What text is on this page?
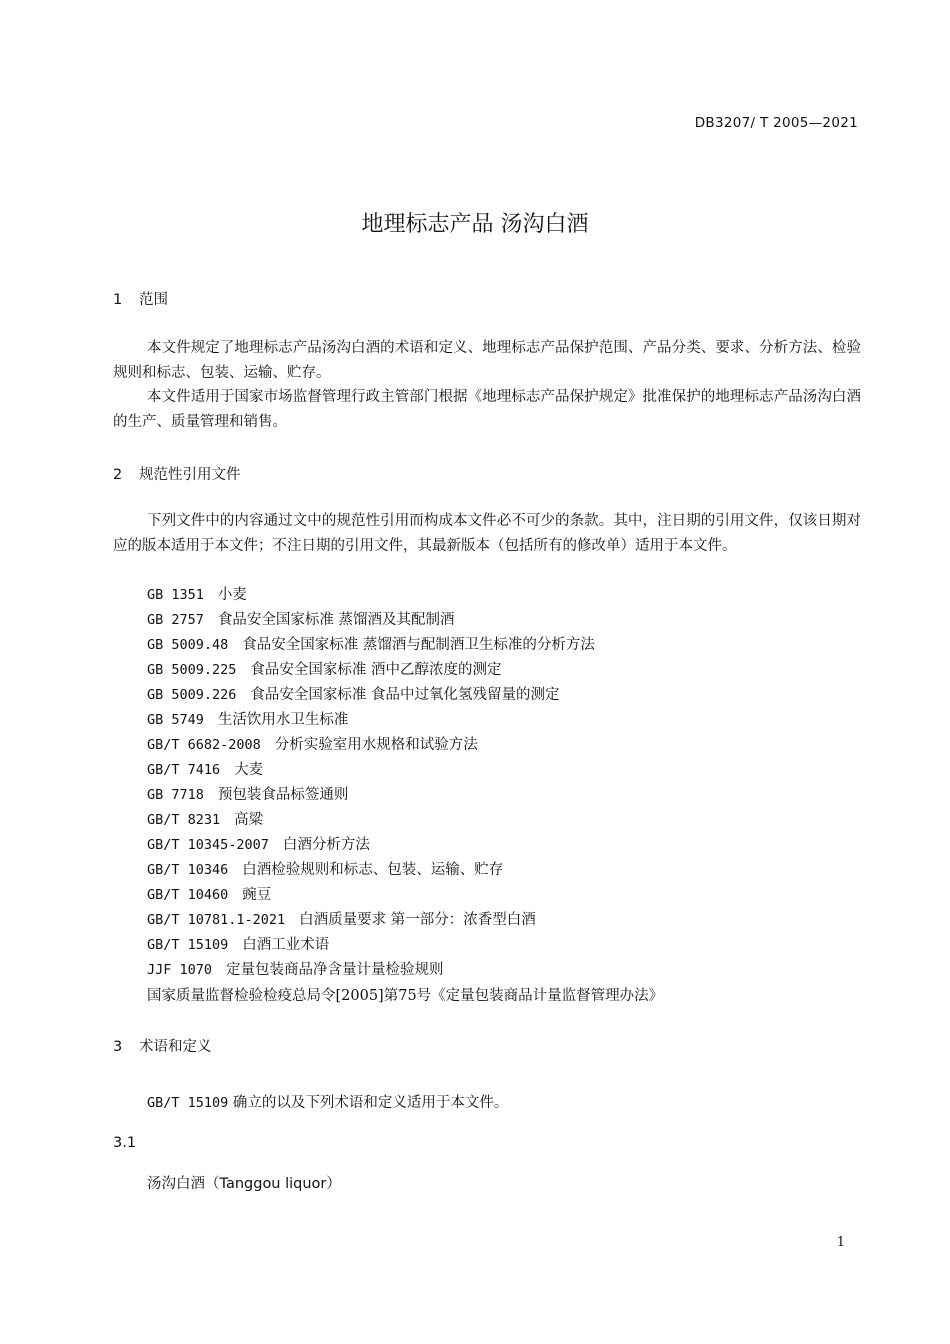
DB3207/ T 2005—2021
地理标志产品 汤沟白酒
1 范围

本文件规定了地理标志产品汤沟白酒的术语和定义、地理标志产品保护范围、产品分类、要求、分析方法、检验规则和标志、包装、运输、贮存。

本文件适用于国家市场监督管理行政主管部门根据《地理标志产品保护规定》批准保护的地理标志产品汤沟白酒的生产、质量管理和销售。

2 规范性引用文件

下列文件中的内容通过文中的规范性引用而构成本文件必不可少的条款。其中，注日期的引用文件，仅该日期对应的版本适用于本文件；不注日期的引用文件，其最新版本（包括所有的修改单）适用于本文件。

GB 1351 小麦
GB 2757 食品安全国家标准 蒸馏酒及其配制酒
GB 5009.48 食品安全国家标准 蒸馏酒与配制酒卫生标准的分析方法
GB 5009.225 食品安全国家标准 酒中乙醇浓度的测定
GB 5009.226 食品安全国家标准 食品中过氧化氢残留量的测定
GB 5749 生活饮用水卫生标准
GB/T 6682-2008 分析实验室用水规格和试验方法
GB/T 7416 大麦
GB 7718 预包装食品标签通则
GB/T 8231 高粱
GB/T 10345-2007 白酒分析方法
GB/T 10346 白酒检验规则和标志、包装、运输、贮存
GB/T 10460 豌豆
GB/T 10781.1-2021 白酒质量要求 第一部分：浓香型白酒
GB/T 15109 白酒工业术语
JJF 1070 定量包装商品净含量计量检验规则
国家质量监督检验检疫总局令[2005]第75号《定量包装商品计量监督管理办法》
3 术语和定义
GB/T 15109 确立的以及下列术语和定义适用于本文件。
3.1
汤沟白酒（Tanggou liquor）
1
